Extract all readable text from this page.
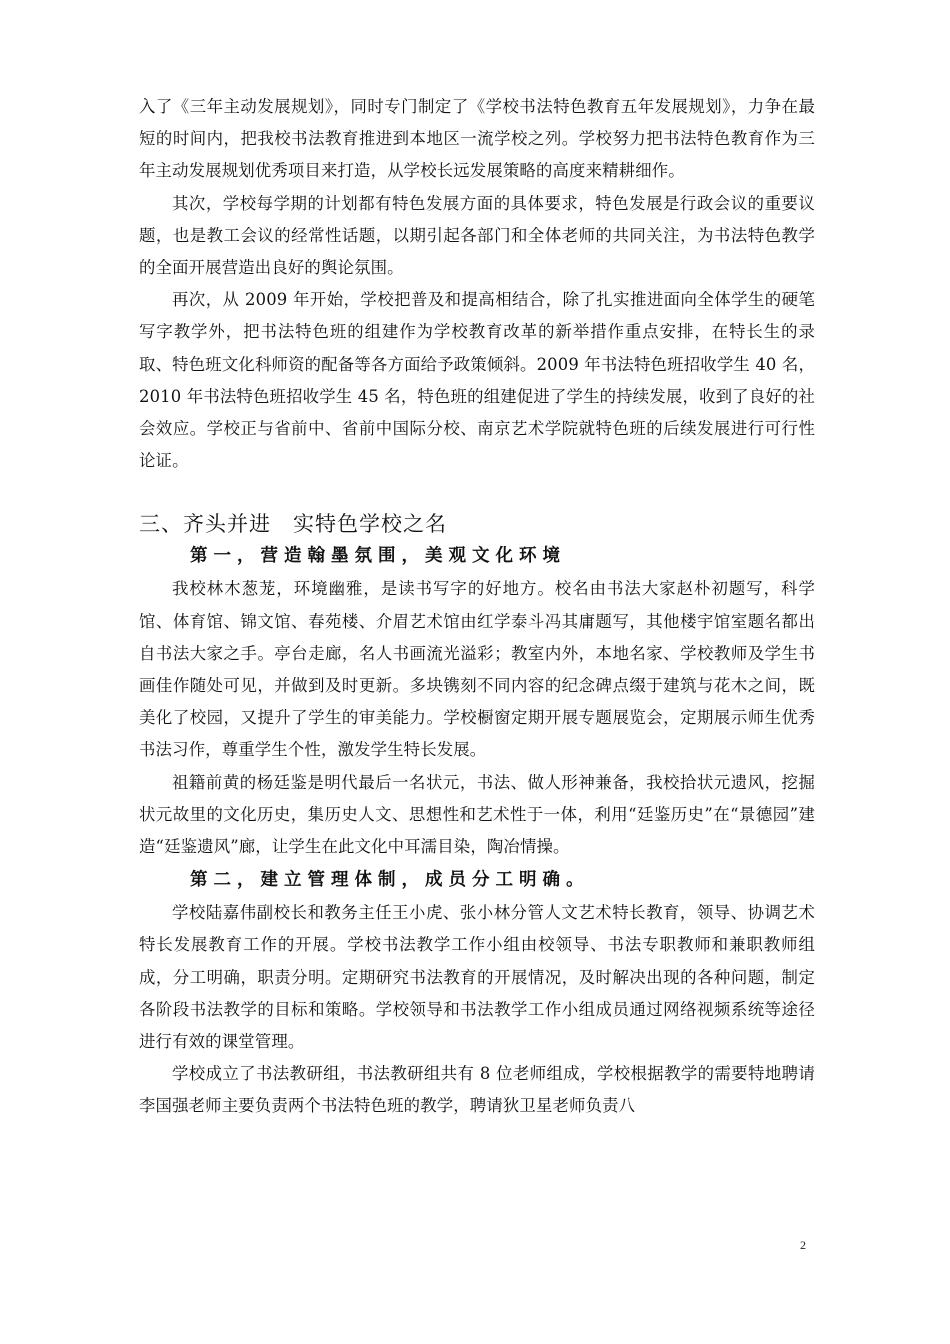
入了《三年主动发展规划》，同时专门制定了《学校书法特色教育五年发展规划》，力争在最短的时间内，把我校书法教育推进到本地区一流学校之列。学校努力把书法特色教育作为三年主动发展规划优秀项目来打造，从学校长远发展策略的高度来精耕细作。

其次，学校每学期的计划都有特色发展方面的具体要求，特色发展是行政会议的重要议题，也是教工会议的经常性话题，以期引起各部门和全体老师的共同关注，为书法特色教学的全面开展营造出良好的舆论氛围。

再次，从 2009 年开始，学校把普及和提高相结合，除了扎实推进面向全体学生的硬笔写字教学外，把书法特色班的组建作为学校教育改革的新举措作重点安排，在特长生的录取、特色班文化科师资的配备等各方面给予政策倾斜。2009 年书法特色班招收学生 40 名，2010 年书法特色班招收学生 45 名，特色班的组建促进了学生的持续发展，收到了良好的社会效应。学校正与省前中、省前中国际分校、南京艺术学院就特色班的后续发展进行可行性论证。

三、齐头并进　实特色学校之名
第一，营造翰墨氛围，美观文化环境

我校林木葱茏，环境幽雅，是读书写字的好地方。校名由书法大家赵朴初题写，科学馆、体育馆、锦文馆、春苑楼、介眉艺术馆由红学泰斗冯其庸题写，其他楼宇馆室题名都出自书法大家之手。亭台走廊，名人书画流光溢彩；教室内外，本地名家、学校教师及学生书画佳作随处可见，并做到及时更新。多块镌刻不同内容的纪念碑点缀于建筑与花木之间，既美化了校园，又提升了学生的审美能力。学校橱窗定期开展专题展览会，定期展示师生优秀书法习作，尊重学生个性，激发学生特长发展。

祖籍前黄的杨廷鉴是明代最后一名状元，书法、做人形神兼备，我校拾状元遗风，挖掘状元故里的文化历史，集历史人文、思想性和艺术性于一体，利用“廷鉴历史”在“景德园”建造“廷鉴遗风”廊，让学生在此文化中耳濡目染，陶冶情操。

第二，建立管理体制，成员分工明确。

学校陆嘉伟副校长和教务主任王小虎、张小林分管人文艺术特长教育，领导、协调艺术特长发展教育工作的开展。学校书法教学工作小组由校领导、书法专职教师和兼职教师组成，分工明确，职责分明。定期研究书法教育的开展情况，及时解决出现的各种问题，制定各阶段书法教学的目标和策略。学校领导和书法教学工作小组成员通过网络视频系统等途径进行有效的课堂管理。

学校成立了书法教研组，书法教研组共有 8 位老师组成，学校根据教学的需要特地聘请李国强老师主要负责两个书法特色班的教学，聘请狄卫星老师负责八

2
